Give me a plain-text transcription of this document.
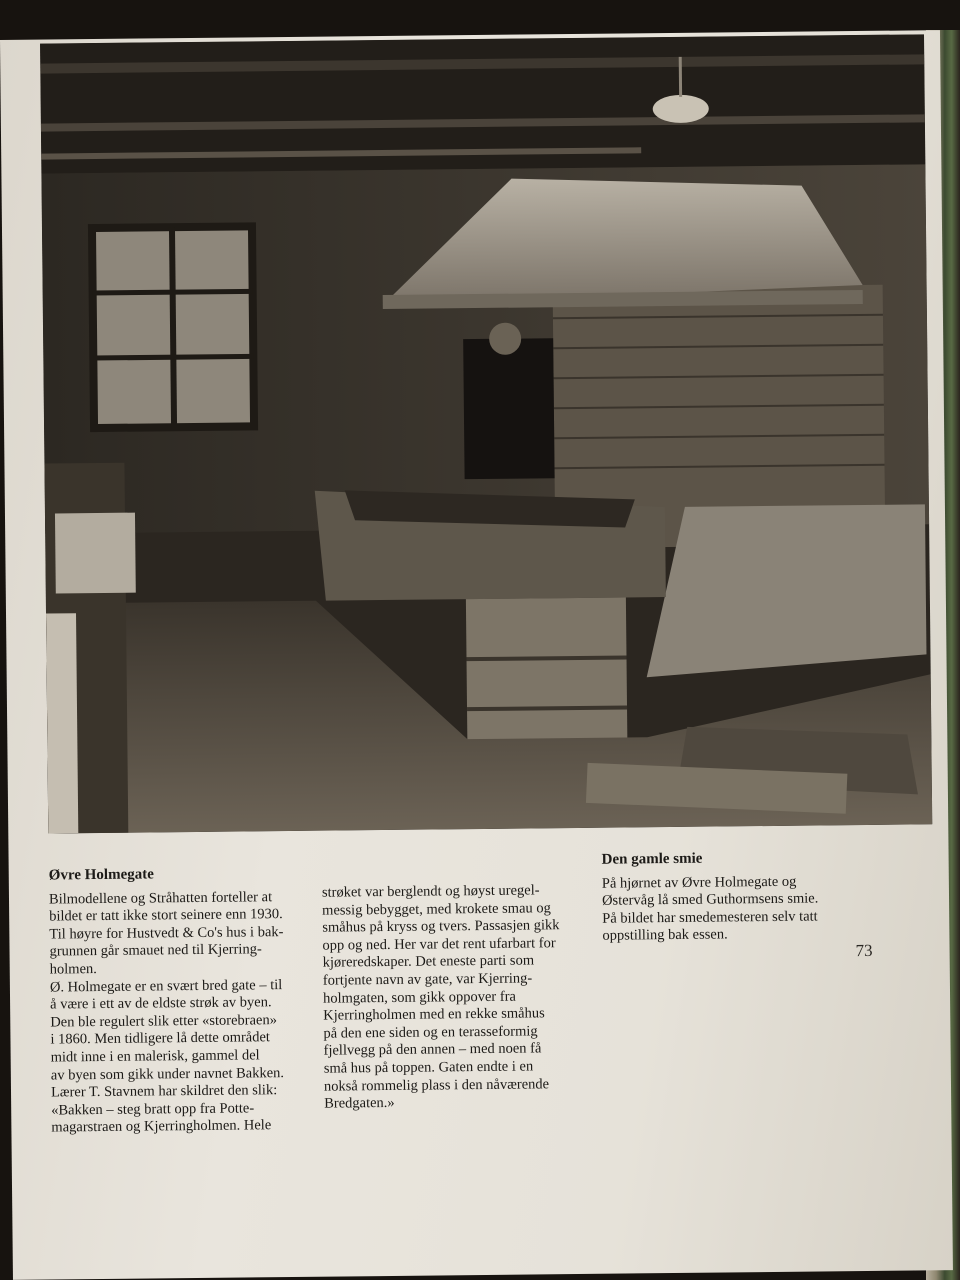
Øvre Holmegate

Bilmodellene og Stråhatten forteller at
bildet er tatt ikke stort seinere enn 1930.
Til høyre for Hustvedt & Co's hus i bak-
grunnen går smauet ned til Kjerring-
holmen.
Ø. Holmegate er en svært bred gate – til
å være i ett av de eldste strøk av byen.
Den ble regulert slik etter «storebraen»
i 1860. Men tidligere lå dette området
midt inne i en malerisk, gammel del
av byen som gikk under navnet Bakken.
Lærer T. Stavnem har skildret den slik:
«Bakken – steg bratt opp fra Potte-
magarstraen og Kjerringholmen. Hele

strøket var berglendt og høyst uregel-
messig bebygget, med krokete smau og
småhus på kryss og tvers. Passasjen gikk
opp og ned. Her var det rent ufarbart for
kjøreredskaper. Det eneste parti som
fortjente navn av gate, var Kjerring-
holmgaten, som gikk oppover fra
Kjerringholmen med en rekke småhus
på den ene siden og en terasseformig
fjellvegg på den annen – med noen få
små hus på toppen. Gaten endte i en
nokså rommelig plass i den nåværende
Bredgaten.»

Den gamle smie

På hjørnet av Øvre Holmegate og
Østervåg lå smed Guthormsens smie.
På bildet har smedemesteren selv tatt
oppstilling bak essen.

73
